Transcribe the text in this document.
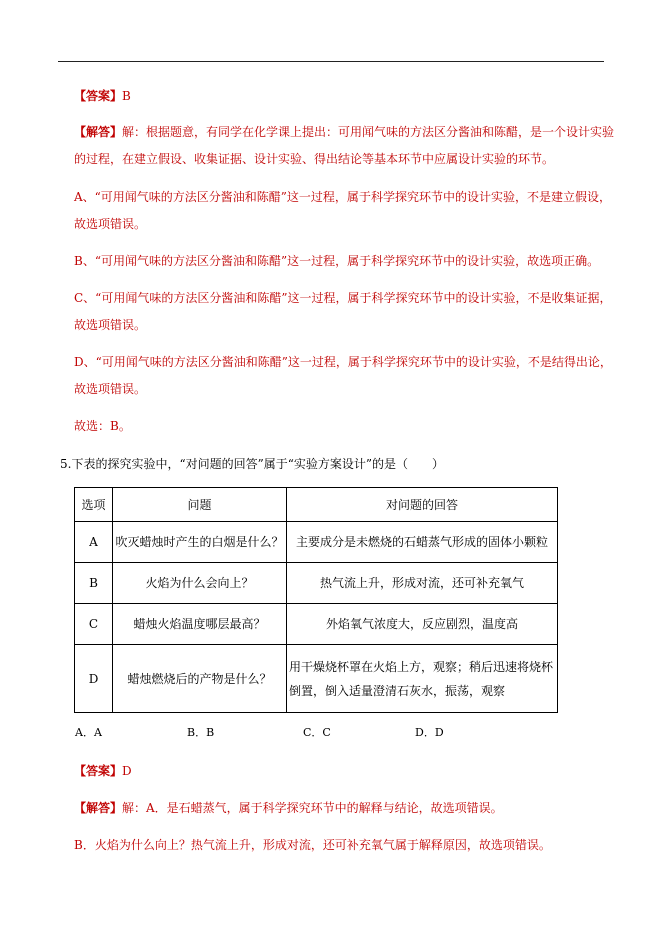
【答案】B
【解答】解：根据题意，有同学在化学课上提出：可用闻气味的方法区分酱油和陈醋，是一个设计实验
的过程，在建立假设、收集证据、设计实验、得出结论等基本环节中应属设计实验的环节。
A、“可用闻气味的方法区分酱油和陈醋”这一过程，属于科学探究环节中的设计实验，不是建立假设，
故选项错误。
B、“可用闻气味的方法区分酱油和陈醋”这一过程，属于科学探究环节中的设计实验，故选项正确。
C、“可用闻气味的方法区分酱油和陈醋”这一过程，属于科学探究环节中的设计实验，不是收集证据，
故选项错误。
D、“可用闻气味的方法区分酱油和陈醋”这一过程，属于科学探究环节中的设计实验，不是结得出论，
故选项错误。
故选：B。
5.下表的探究实验中，“对问题的回答”属于“实验方案设计”的是（　　）
选项	问题	对问题的回答
A	吹灭蜡烛时产生的白烟是什么？	主要成分是未燃烧的石蜡蒸气形成的固体小颗粒
B	火焰为什么会向上？	热气流上升，形成对流，还可补充氧气
C	蜡烛火焰温度哪层最高？	外焰氧气浓度大，反应剧烈，温度高
D	蜡烛燃烧后的产物是什么？	用干燥烧杯罩在火焰上方，观察；稍后迅速将烧杯倒置，倒入适量澄清石灰水，振荡，观察
A．A	B．B	C．C	D．D
【答案】D
【解答】解：A．是石蜡蒸气，属于科学探究环节中的解释与结论，故选项错误。
B．火焰为什么向上？热气流上升，形成对流，还可补充氧气属于解释原因，故选项错误。
